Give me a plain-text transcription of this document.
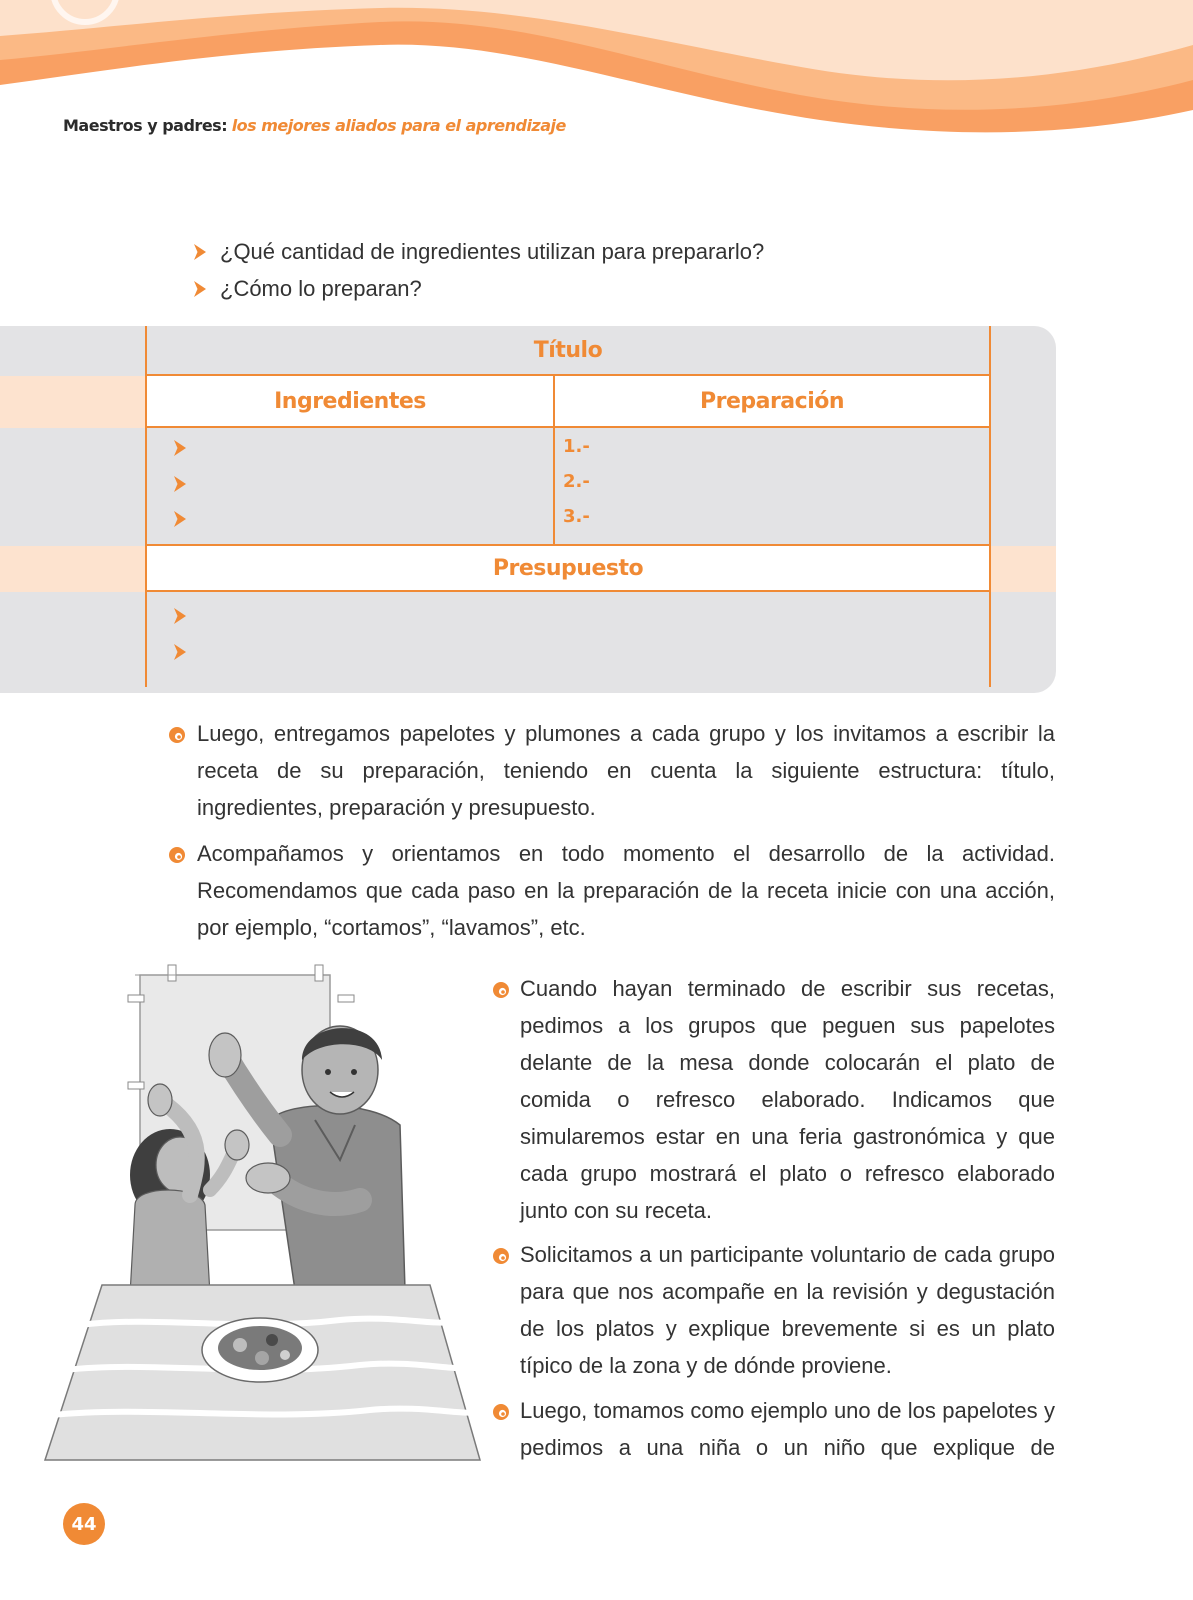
Maestros y padres: los mejores aliados para el aprendizaje
¿Qué cantidad de ingredientes utilizan para prepararlo?
¿Cómo lo preparan?
Título
Ingredientes	Preparación
1.-
2.-
3.-
Presupuesto

Luego, entregamos papelotes y plumones a cada grupo y los invitamos a escribir la receta de su preparación, teniendo en cuenta la siguiente estructura: título, ingredientes, preparación y presupuesto.

Acompañamos y orientamos en todo momento el desarrollo de la actividad. Recomendamos que cada paso en la preparación de la receta inicie con una acción, por ejemplo, “cortamos”, “lavamos”, etc.

Cuando hayan terminado de escribir sus recetas, pedimos a los grupos que peguen sus papelotes delante de la mesa donde colocarán el plato de comida o refresco elaborado. Indicamos que simularemos estar en una feria gastronómica y que cada grupo mostrará el plato o refresco elaborado junto con su receta.

Solicitamos a un participante voluntario de cada grupo para que nos acompañe en la revisión y degustación de los platos y explique brevemente si es un plato típico de la zona y de dónde proviene.

Luego, tomamos como ejemplo uno de los papelotes y pedimos a una niña o un niño que explique de

44
